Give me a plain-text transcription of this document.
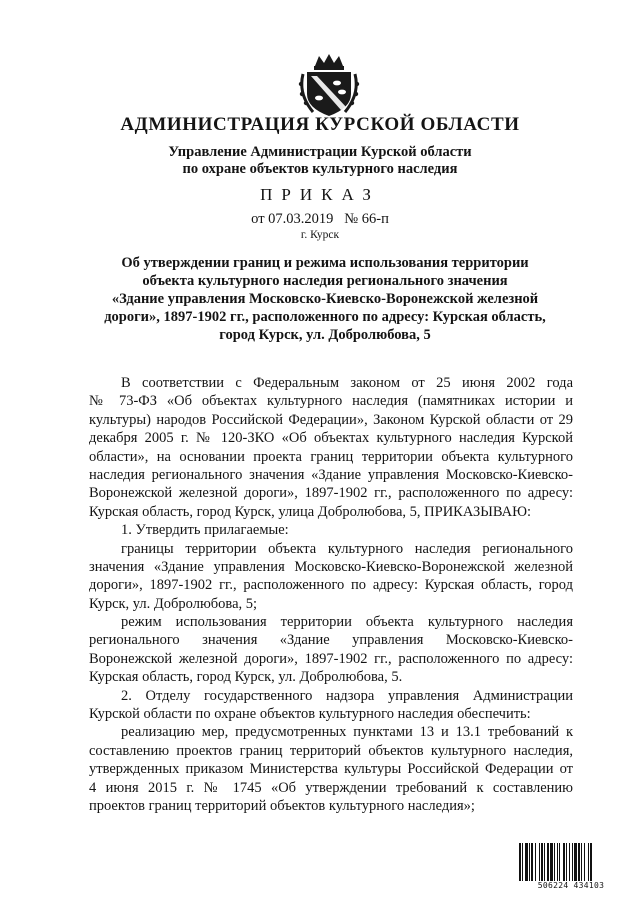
АДМИНИСТРАЦИЯ КУРСКОЙ ОБЛАСТИ
Управление Администрации Курской области
по охране объектов культурного наследия
ПРИКАЗ
от 07.03.2019   № 66-п
г. Курск
Об утверждении границ и режима использования территории
объекта культурного наследия регионального значения
«Здание управления Московско-Киевско-Воронежской железной
дороги», 1897-1902 гг., расположенного по адресу: Курская область,
город Курск, ул. Добролюбова, 5
В соответствии с Федеральным законом от 25 июня 2002 года
№ 73-ФЗ «Об объектах культурного наследия (памятниках истории и
культуры) народов Российской Федерации», Законом Курской области от 29
декабря 2005 г. № 120-ЗКО «Об объектах культурного наследия Курской
области», на основании проекта границ территории объекта культурного
наследия регионального значения «Здание управления Московско-Киевско-
Воронежской железной дороги», 1897-1902 гг., расположенного по адресу:
Курская область, город Курск, улица Добролюбова, 5, ПРИКАЗЫВАЮ:
1. Утвердить прилагаемые:
границы территории объекта культурного наследия регионального
значения «Здание управления Московско-Киевско-Воронежской железной
дороги», 1897-1902 гг., расположенного по адресу: Курская область, город
Курск, ул. Добролюбова, 5;
режим использования территории объекта культурного наследия
регионального значения «Здание управления Московско-Киевско-
Воронежской железной дороги», 1897-1902 гг., расположенного по адресу:
Курская область, город Курск, ул. Добролюбова, 5.
2. Отделу государственного надзора управления Администрации
Курской области по охране объектов культурного наследия обеспечить:
реализацию мер, предусмотренных пунктами 13 и 13.1 требований к
составлению проектов границ территорий объектов культурного наследия,
утвержденных приказом Министерства культуры Российской Федерации от
4 июня 2015 г. № 1745 «Об утверждении требований к составлению
проектов границ территорий объектов культурного наследия»;
506224 434103
